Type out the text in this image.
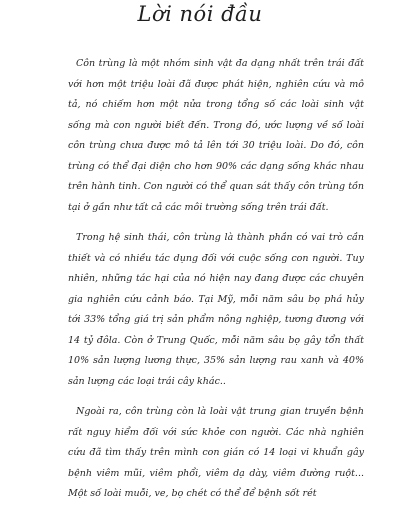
Lời nói đầu

Côn trùng là một nhóm sinh vật đa dạng nhất trên trái đất với hơn một triệu loài đã được phát hiện, nghiên cứu và mô tả, nó chiếm hơn một nửa trong tổng số các loài sinh vật sống mà con người biết đến. Trong đó, ước lượng về số loài côn trùng chưa được mô tả lên tới 30 triệu loài. Do đó, côn trùng có thể đại diện cho hơn 90% các dạng sống khác nhau trên hành tinh. Con người có thể quan sát thấy côn trùng tồn tại ở gần như tất cả các môi trường sống trên trái đất.

Trong hệ sinh thái, côn trùng là thành phần có vai trò cần thiết và có nhiều tác dụng đối với cuộc sống con người. Tuy nhiên, những tác hại của nó hiện nay đang được các chuyên gia nghiên cứu cảnh báo. Tại Mỹ, mỗi năm sâu bọ phá hủy tới 33% tổng giá trị sản phẩm nông nghiệp, tương đương với 14 tỷ đôla. Còn ở Trung Quốc, mỗi năm sâu bọ gây tổn thất 10% sản lượng lương thực, 35% sản lượng rau xanh và 40% sản lượng các loại trái cây khác..

Ngoài ra, côn trùng còn là loài vật trung gian truyền bệnh rất nguy hiểm đối với sức khỏe con người. Các nhà nghiên cứu đã tìm thấy trên mình con gián có 14 loại vi khuẩn gây bệnh viêm mũi, viêm phổi, viêm dạ dày, viêm đường ruột... Một số loài muỗi, ve, bọ chét có thể để bệnh sốt rét
